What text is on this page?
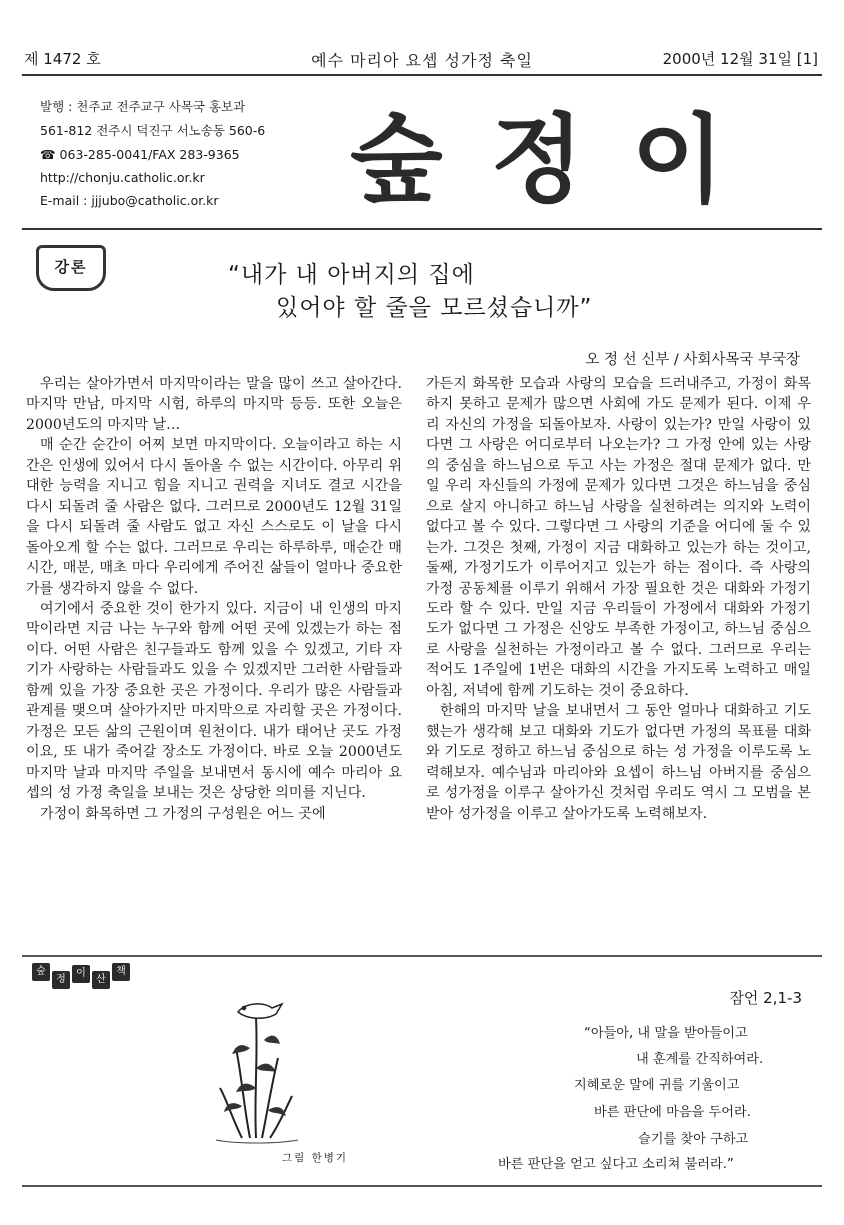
제 1472 호	예수 마리아 요셉 성가정 축일	2000년 12월 31일 [1]
발행 : 천주교 전주교구 사목국 홍보과
561-812 전주시 덕진구 서노송동 560-6
☎ 063-285-0041/FAX 283-9365
http://chonju.catholic.or.kr
E-mail : jjjubo@catholic.or.kr 숲정이
강론	“내가 내 아버지의 집에
있어야 할 줄을 모르셨습니까”
오 정 선 신부 / 사회사목국 부국장

우리는 살아가면서 마지막이라는 말을 많이 쓰고 살아간다. 마지막 만남, 마지막 시험, 하루의 마지막 등등. 또한 오늘은 2000년도의 마지막 날…

매 순간 순간이 어찌 보면 마지막이다. 오늘이라고 하는 시간은 인생에 있어서 다시 돌아올 수 없는 시간이다. 아무리 위대한 능력을 지니고 힘을 지니고 권력을 지녀도 결코 시간을 다시 되돌려 줄 사람은 없다. 그러므로 2000년도 12월 31일을 다시 되돌려 줄 사람도 없고 자신 스스로도 이 날을 다시 돌아오게 할 수는 없다. 그러므로 우리는 하루하루, 매순간 매시간, 매분, 매초 마다 우리에게 주어진 삶들이 얼마나 중요한가를 생각하지 않을 수 없다.

여기에서 중요한 것이 한가지 있다. 지금이 내 인생의 마지막이라면 지금 나는 누구와 함께 어떤 곳에 있겠는가 하는 점이다. 어떤 사람은 친구들과도 함께 있을 수 있겠고, 기타 자기가 사랑하는 사람들과도 있을 수 있겠지만 그러한 사람들과 함께 있을 가장 중요한 곳은 가정이다. 우리가 많은 사람들과 관계를 맺으며 살아가지만 마지막으로 자리할 곳은 가정이다. 가정은 모든 삶의 근원이며 원천이다. 내가 태어난 곳도 가정이요, 또 내가 죽어갈 장소도 가정이다. 바로 오늘 2000년도 마지막 날과 마지막 주일을 보내면서 동시에 예수 마리아 요셉의 성 가정 축일을 보내는 것은 상당한 의미를 지닌다.

가정이 화목하면 그 가정의 구성원은 어느 곳에

가든지 화목한 모습과 사랑의 모습을 드러내주고, 가정이 화목하지 못하고 문제가 많으면 사회에 가도 문제가 된다. 이제 우리 자신의 가정을 되돌아보자. 사랑이 있는가? 만일 사랑이 있다면 그 사랑은 어디로부터 나오는가? 그 가정 안에 있는 사랑의 중심을 하느님으로 두고 사는 가정은 절대 문제가 없다. 만일 우리 자신들의 가정에 문제가 있다면 그것은 하느님을 중심으로 살지 아니하고 하느님 사랑을 실천하려는 의지와 노력이 없다고 볼 수 있다. 그렇다면 그 사랑의 기준을 어디에 둘 수 있는가. 그것은 첫째, 가정이 지금 대화하고 있는가 하는 것이고, 둘째, 가정기도가 이루어지고 있는가 하는 점이다. 즉 사랑의 가정 공동체를 이루기 위해서 가장 필요한 것은 대화와 가정기도라 할 수 있다. 만일 지금 우리들이 가정에서 대화와 가정기도가 없다면 그 가정은 신앙도 부족한 가정이고, 하느님 중심으로 사랑을 실천하는 가정이라고 볼 수 없다. 그러므로 우리는 적어도 1주일에 1번은 대화의 시간을 가지도록 노력하고 매일 아침, 저녁에 함께 기도하는 것이 중요하다.

한해의 마지막 날을 보내면서 그 동안 얼마나 대화하고 기도했는가 생각해 보고 대화와 기도가 없다면 가정의 목표를 대화와 기도로 정하고 하느님 중심으로 하는 성 가정을 이루도록 노력해보자. 예수님과 마리아와 요셉이 하느님 아버지를 중심으로 성가정을 이루구 살아가신 것처럼 우리도 역시 그 모범을 본받아 성가정을 이루고 살아가도록 노력해보자.

숲
정
이
산
책
그림 한병기
잠언 2,1-3
“아들아, 내 말을 받아들이고
내 훈계를 간직하여라.
지혜로운 말에 귀를 기울이고
바른 판단에 마음을 두어라.
슬기를 찾아 구하고
바른 판단을 얻고 싶다고 소리쳐 불러라.”
